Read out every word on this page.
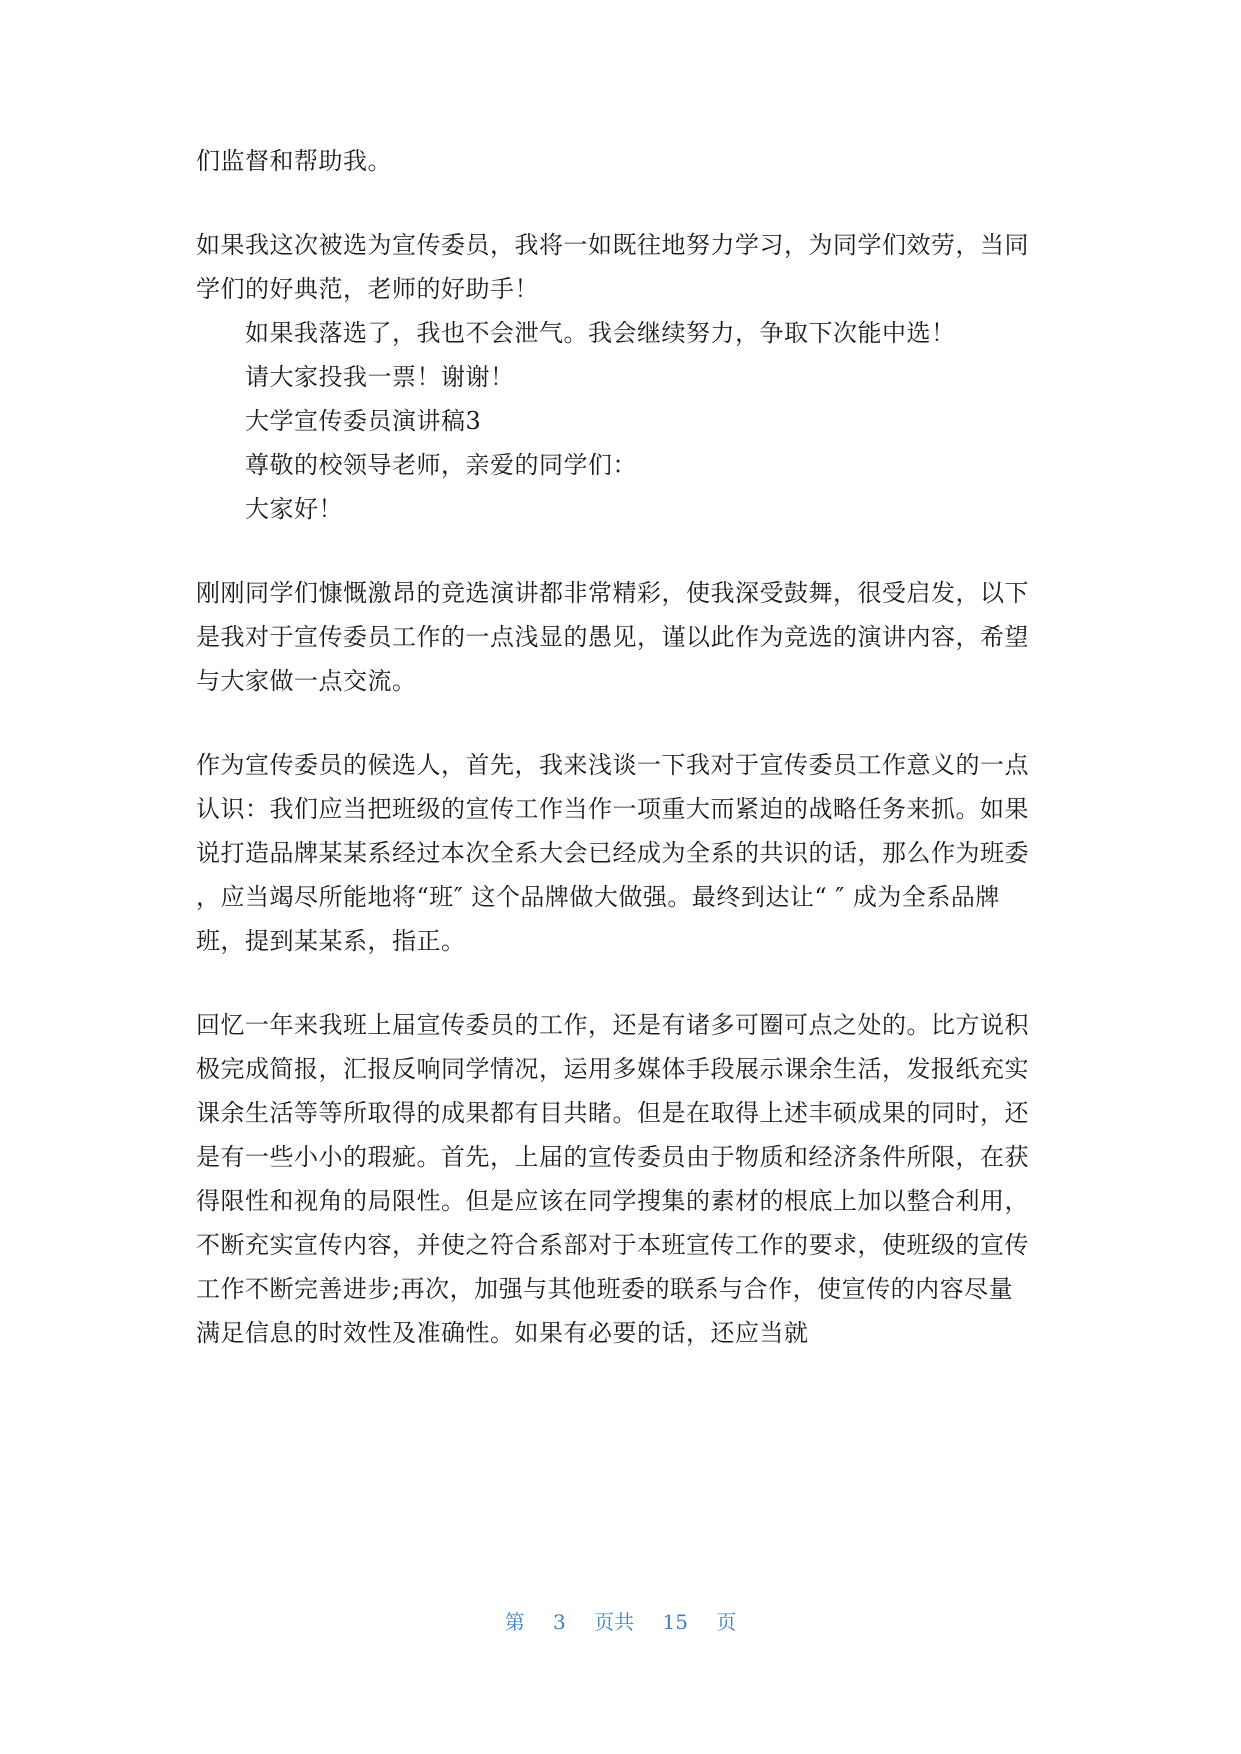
们监督和帮助我。
如果我这次被选为宣传委员，我将一如既往地努力学习，为同学们效劳，当同
学们的好典范，老师的好助手！
如果我落选了，我也不会泄气。我会继续努力，争取下次能中选！
请大家投我一票！谢谢！
大学宣传委员演讲稿3
尊敬的校领导老师，亲爱的同学们：
大家好！
刚刚同学们慷慨激昂的竞选演讲都非常精彩，使我深受鼓舞，很受启发，以下
是我对于宣传委员工作的一点浅显的愚见，谨以此作为竞选的演讲内容，希望
与大家做一点交流。
作为宣传委员的候选人，首先，我来浅谈一下我对于宣传委员工作意义的一点
认识：我们应当把班级的宣传工作当作一项重大而紧迫的战略任务来抓。如果
说打造品牌某某系经过本次全系大会已经成为全系的共识的话，那么作为班委
，应当竭尽所能地将“班″ 这个品牌做大做强。最终到达让“ ″ 成为全系品牌
班，提到某某系，指正。
回忆一年来我班上届宣传委员的工作，还是有诸多可圈可点之处的。比方说积
极完成简报，汇报反响同学情况，运用多媒体手段展示课余生活，发报纸充实
课余生活等等所取得的成果都有目共睹。但是在取得上述丰硕成果的同时，还
是有一些小小的瑕疵。首先，上届的宣传委员由于物质和经济条件所限，在获
得限性和视角的局限性。但是应该在同学搜集的素材的根底上加以整合利用，
不断充实宣传内容，并使之符合系部对于本班宣传工作的要求，使班级的宣传
工作不断完善进步;再次，加强与其他班委的联系与合作，使宣传的内容尽量
满足信息的时效性及准确性。如果有必要的话，还应当就
第 3 页共 15 页
